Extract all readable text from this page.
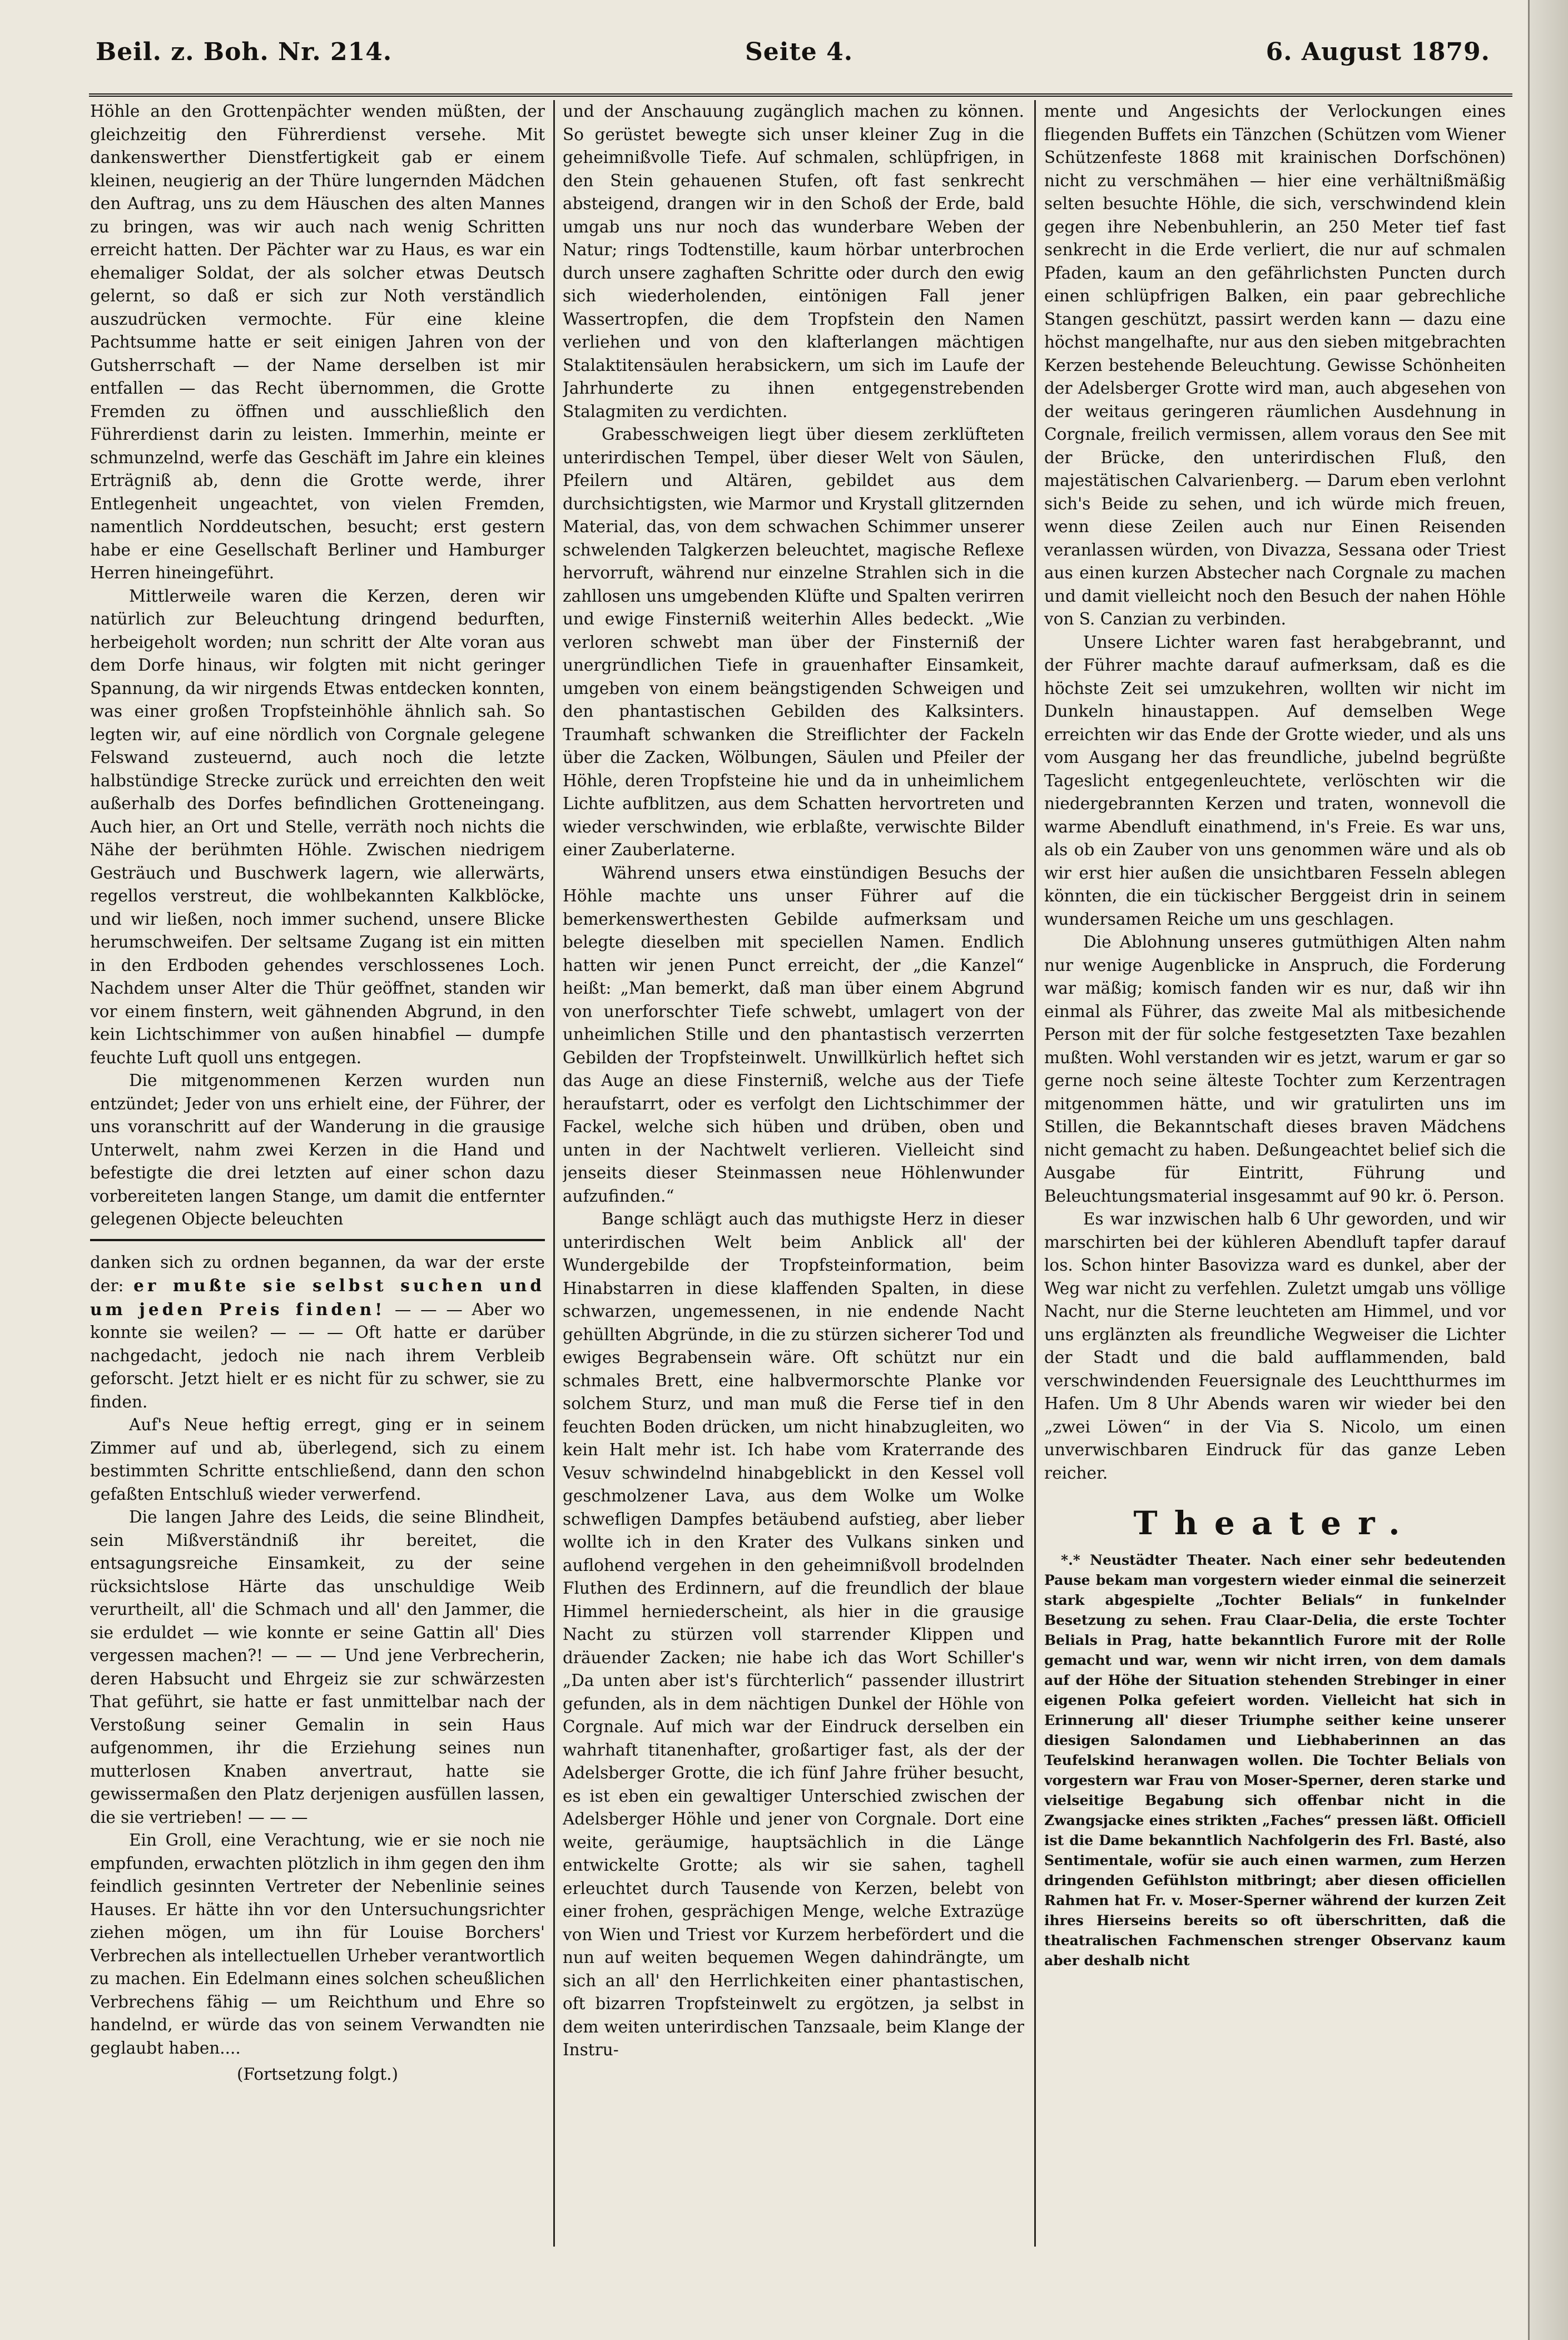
Beil. z. Boh. Nr. 214.	Seite 4.	6. August 1879.

Höhle an den Grottenpächter wenden müßten, der gleichzeitig den Führerdienst versehe. Mit dankenswerther Dienstfertigkeit gab er einem kleinen, neugierig an der Thüre lungernden Mädchen den Auftrag, uns zu dem Häuschen des alten Mannes zu bringen, was wir auch nach wenig Schritten erreicht hatten. Der Pächter war zu Haus, es war ein ehemaliger Soldat, der als solcher etwas Deutsch gelernt, so daß er sich zur Noth verständlich auszudrücken vermochte. Für eine kleine Pachtsumme hatte er seit einigen Jahren von der Gutsherrschaft — der Name derselben ist mir entfallen — das Recht übernommen, die Grotte Fremden zu öffnen und ausschließlich den Führerdienst darin zu leisten. Immerhin, meinte er schmunzelnd, werfe das Geschäft im Jahre ein kleines Erträgniß ab, denn die Grotte werde, ihrer Entlegenheit ungeachtet, von vielen Fremden, namentlich Norddeutschen, besucht; erst gestern habe er eine Gesellschaft Berliner und Hamburger Herren hineingeführt.

Mittlerweile waren die Kerzen, deren wir natürlich zur Beleuchtung dringend bedurften, herbeigeholt worden; nun schritt der Alte voran aus dem Dorfe hinaus, wir folgten mit nicht geringer Spannung, da wir nirgends Etwas entdecken konnten, was einer großen Tropfsteinhöhle ähnlich sah. So legten wir, auf eine nördlich von Corgnale gelegene Felswand zusteuernd, auch noch die letzte halbstündige Strecke zurück und erreichten den weit außerhalb des Dorfes befindlichen Grotteneingang. Auch hier, an Ort und Stelle, verräth noch nichts die Nähe der berühmten Höhle. Zwischen niedrigem Gesträuch und Buschwerk lagern, wie allerwärts, regellos verstreut, die wohlbekannten Kalkblöcke, und wir ließen, noch immer suchend, unsere Blicke herumschweifen. Der seltsame Zugang ist ein mitten in den Erdboden gehendes verschlossenes Loch. Nachdem unser Alter die Thür geöffnet, standen wir vor einem finstern, weit gähnenden Abgrund, in den kein Lichtschimmer von außen hinabfiel — dumpfe feuchte Luft quoll uns entgegen.

Die mitgenommenen Kerzen wurden nun entzündet; Jeder von uns erhielt eine, der Führer, der uns voranschritt auf der Wanderung in die grausige Unterwelt, nahm zwei Kerzen in die Hand und befestigte die drei letzten auf einer schon dazu vorbereiteten langen Stange, um damit die entfernter gelegenen Objecte beleuchten

danken sich zu ordnen begannen, da war der erste der: er mußte sie selbst suchen und um jeden Preis finden! — — — Aber wo konnte sie weilen? — — — Oft hatte er darüber nachgedacht, jedoch nie nach ihrem Verbleib geforscht. Jetzt hielt er es nicht für zu schwer, sie zu finden.

Auf's Neue heftig erregt, ging er in seinem Zimmer auf und ab, überlegend, sich zu einem bestimmten Schritte entschließend, dann den schon gefaßten Entschluß wieder verwerfend.

Die langen Jahre des Leids, die seine Blindheit, sein Mißverständniß ihr bereitet, die entsagungsreiche Einsamkeit, zu der seine rücksichtslose Härte das unschuldige Weib verurtheilt, all' die Schmach und all' den Jammer, die sie erduldet — wie konnte er seine Gattin all' Dies vergessen machen?! — — — Und jene Verbrecherin, deren Habsucht und Ehrgeiz sie zur schwärzesten That geführt, sie hatte er fast unmittelbar nach der Verstoßung seiner Gemalin in sein Haus aufgenommen, ihr die Erziehung seines nun mutterlosen Knaben anvertraut, hatte sie gewissermaßen den Platz derjenigen ausfüllen lassen, die sie vertrieben! — — —

Ein Groll, eine Verachtung, wie er sie noch nie empfunden, erwachten plötzlich in ihm gegen den ihm feindlich gesinnten Vertreter der Nebenlinie seines Hauses. Er hätte ihn vor den Untersuchungsrichter ziehen mögen, um ihn für Louise Borchers' Verbrechen als intellectuellen Urheber verantwortlich zu machen. Ein Edelmann eines solchen scheußlichen Verbrechens fähig — um Reichthum und Ehre so handelnd, er würde das von seinem Verwandten nie geglaubt haben....

(Fortsetzung folgt.)

und der Anschauung zugänglich machen zu können. So gerüstet bewegte sich unser kleiner Zug in die geheimnißvolle Tiefe. Auf schmalen, schlüpfrigen, in den Stein gehauenen Stufen, oft fast senkrecht absteigend, drangen wir in den Schoß der Erde, bald umgab uns nur noch das wunderbare Weben der Natur; rings Todtenstille, kaum hörbar unterbrochen durch unsere zaghaften Schritte oder durch den ewig sich wiederholenden, eintönigen Fall jener Wassertropfen, die dem Tropfstein den Namen verliehen und von den klafterlangen mächtigen Stalaktitensäulen herabsickern, um sich im Laufe der Jahrhunderte zu ihnen entgegenstrebenden Stalagmiten zu verdichten.

Grabesschweigen liegt über diesem zerklüfteten unterirdischen Tempel, über dieser Welt von Säulen, Pfeilern und Altären, gebildet aus dem durchsichtigsten, wie Marmor und Krystall glitzernden Material, das, von dem schwachen Schimmer unserer schwelenden Talgkerzen beleuchtet, magische Reflexe hervorruft, während nur einzelne Strahlen sich in die zahllosen uns umgebenden Klüfte und Spalten verirren und ewige Finsterniß weiterhin Alles bedeckt. „Wie verloren schwebt man über der Finsterniß der unergründlichen Tiefe in grauenhafter Einsamkeit, umgeben von einem beängstigenden Schweigen und den phantastischen Gebilden des Kalksinters. Traumhaft schwanken die Streiflichter der Fackeln über die Zacken, Wölbungen, Säulen und Pfeiler der Höhle, deren Tropfsteine hie und da in unheimlichem Lichte aufblitzen, aus dem Schatten hervortreten und wieder verschwinden, wie erblaßte, verwischte Bilder einer Zauberlaterne.

Während unsers etwa einstündigen Besuchs der Höhle machte uns unser Führer auf die bemerkenswerthesten Gebilde aufmerksam und belegte dieselben mit speciellen Namen. Endlich hatten wir jenen Punct erreicht, der „die Kanzel“ heißt: „Man bemerkt, daß man über einem Abgrund von unerforschter Tiefe schwebt, umlagert von der unheimlichen Stille und den phantastisch verzerrten Gebilden der Tropfsteinwelt. Unwillkürlich heftet sich das Auge an diese Finsterniß, welche aus der Tiefe heraufstarrt, oder es verfolgt den Lichtschimmer der Fackel, welche sich hüben und drüben, oben und unten in der Nachtwelt verlieren. Vielleicht sind jenseits dieser Steinmassen neue Höhlenwunder aufzufinden.“

Bange schlägt auch das muthigste Herz in dieser unterirdischen Welt beim Anblick all' der Wundergebilde der Tropfsteinformation, beim Hinabstarren in diese klaffenden Spalten, in diese schwarzen, ungemessenen, in nie endende Nacht gehüllten Abgründe, in die zu stürzen sicherer Tod und ewiges Begrabensein wäre. Oft schützt nur ein schmales Brett, eine halbvermorschte Planke vor solchem Sturz, und man muß die Ferse tief in den feuchten Boden drücken, um nicht hinabzugleiten, wo kein Halt mehr ist. Ich habe vom Kraterrande des Vesuv schwindelnd hinabgeblickt in den Kessel voll geschmolzener Lava, aus dem Wolke um Wolke schwefligen Dampfes betäubend aufstieg, aber lieber wollte ich in den Krater des Vulkans sinken und auflohend vergehen in den geheimnißvoll brodelnden Fluthen des Erdinnern, auf die freundlich der blaue Himmel herniederscheint, als hier in die grausige Nacht zu stürzen voll starrender Klippen und dräuender Zacken; nie habe ich das Wort Schiller's „Da unten aber ist's fürchterlich“ passender illustrirt gefunden, als in dem nächtigen Dunkel der Höhle von Corgnale. Auf mich war der Eindruck derselben ein wahrhaft titanenhafter, großartiger fast, als der der Adelsberger Grotte, die ich fünf Jahre früher besucht, es ist eben ein gewaltiger Unterschied zwischen der Adelsberger Höhle und jener von Corgnale. Dort eine weite, geräumige, hauptsächlich in die Länge entwickelte Grotte; als wir sie sahen, taghell erleuchtet durch Tausende von Kerzen, belebt von einer frohen, gesprächigen Menge, welche Extrazüge von Wien und Triest vor Kurzem herbefördert und die nun auf weiten bequemen Wegen dahindrängte, um sich an all' den Herrlichkeiten einer phantastischen, oft bizarren Tropfsteinwelt zu ergötzen, ja selbst in dem weiten unterirdischen Tanzsaale, beim Klange der Instru-

mente und Angesichts der Verlockungen eines fliegenden Buffets ein Tänzchen (Schützen vom Wiener Schützenfeste 1868 mit krainischen Dorfschönen) nicht zu verschmähen — hier eine verhältnißmäßig selten besuchte Höhle, die sich, verschwindend klein gegen ihre Nebenbuhlerin, an 250 Meter tief fast senkrecht in die Erde verliert, die nur auf schmalen Pfaden, kaum an den gefährlichsten Puncten durch einen schlüpfrigen Balken, ein paar gebrechliche Stangen geschützt, passirt werden kann — dazu eine höchst mangelhafte, nur aus den sieben mitgebrachten Kerzen bestehende Beleuchtung. Gewisse Schönheiten der Adelsberger Grotte wird man, auch abgesehen von der weitaus geringeren räumlichen Ausdehnung in Corgnale, freilich vermissen, allem voraus den See mit der Brücke, den unterirdischen Fluß, den majestätischen Calvarienberg. — Darum eben verlohnt sich's Beide zu sehen, und ich würde mich freuen, wenn diese Zeilen auch nur Einen Reisenden veranlassen würden, von Divazza, Sessana oder Triest aus einen kurzen Abstecher nach Corgnale zu machen und damit vielleicht noch den Besuch der nahen Höhle von S. Canzian zu verbinden.

Unsere Lichter waren fast herabgebrannt, und der Führer machte darauf aufmerksam, daß es die höchste Zeit sei umzukehren, wollten wir nicht im Dunkeln hinaustappen. Auf demselben Wege erreichten wir das Ende der Grotte wieder, und als uns vom Ausgang her das freundliche, jubelnd begrüßte Tageslicht entgegenleuchtete, verlöschten wir die niedergebrannten Kerzen und traten, wonnevoll die warme Abendluft einathmend, in's Freie. Es war uns, als ob ein Zauber von uns genommen wäre und als ob wir erst hier außen die unsichtbaren Fesseln ablegen könnten, die ein tückischer Berggeist drin in seinem wundersamen Reiche um uns geschlagen.

Die Ablohnung unseres gutmüthigen Alten nahm nur wenige Augenblicke in Anspruch, die Forderung war mäßig; komisch fanden wir es nur, daß wir ihn einmal als Führer, das zweite Mal als mitbesichende Person mit der für solche festgesetzten Taxe bezahlen mußten. Wohl verstanden wir es jetzt, warum er gar so gerne noch seine älteste Tochter zum Kerzentragen mitgenommen hätte, und wir gratulirten uns im Stillen, die Bekanntschaft dieses braven Mädchens nicht gemacht zu haben. Deßungeachtet belief sich die Ausgabe für Eintritt, Führung und Beleuchtungsmaterial insgesammt auf 90 kr. ö. Person.

Es war inzwischen halb 6 Uhr geworden, und wir marschirten bei der kühleren Abendluft tapfer darauf los. Schon hinter Basovizza ward es dunkel, aber der Weg war nicht zu verfehlen. Zuletzt umgab uns völlige Nacht, nur die Sterne leuchteten am Himmel, und vor uns erglänzten als freundliche Wegweiser die Lichter der Stadt und die bald aufflammenden, bald verschwindenden Feuersignale des Leuchtthurmes im Hafen. Um 8 Uhr Abends waren wir wieder bei den „zwei Löwen“ in der Via S. Nicolo, um einen unverwischbaren Eindruck für das ganze Leben reicher.

Theater.

*.* Neustädter Theater. Nach einer sehr bedeutenden Pause bekam man vorgestern wieder einmal die seinerzeit stark abgespielte „Tochter Belials“ in funkelnder Besetzung zu sehen. Frau Claar-Delia, die erste Tochter Belials in Prag, hatte bekanntlich Furore mit der Rolle gemacht und war, wenn wir nicht irren, von dem damals auf der Höhe der Situation stehenden Strebinger in einer eigenen Polka gefeiert worden. Vielleicht hat sich in Erinnerung all' dieser Triumphe seither keine unserer diesigen Salondamen und Liebhaberinnen an das Teufelskind heranwagen wollen. Die Tochter Belials von vorgestern war Frau von Moser-Sperner, deren starke und vielseitige Begabung sich offenbar nicht in die Zwangsjacke eines strikten „Faches“ pressen läßt. Officiell ist die Dame bekanntlich Nachfolgerin des Frl. Basté, also Sentimentale, wofür sie auch einen warmen, zum Herzen dringenden Gefühlston mitbringt; aber diesen officiellen Rahmen hat Fr. v. Moser-Sperner während der kurzen Zeit ihres Hierseins bereits so oft überschritten, daß die theatralischen Fachmenschen strenger Observanz kaum aber deshalb nicht
